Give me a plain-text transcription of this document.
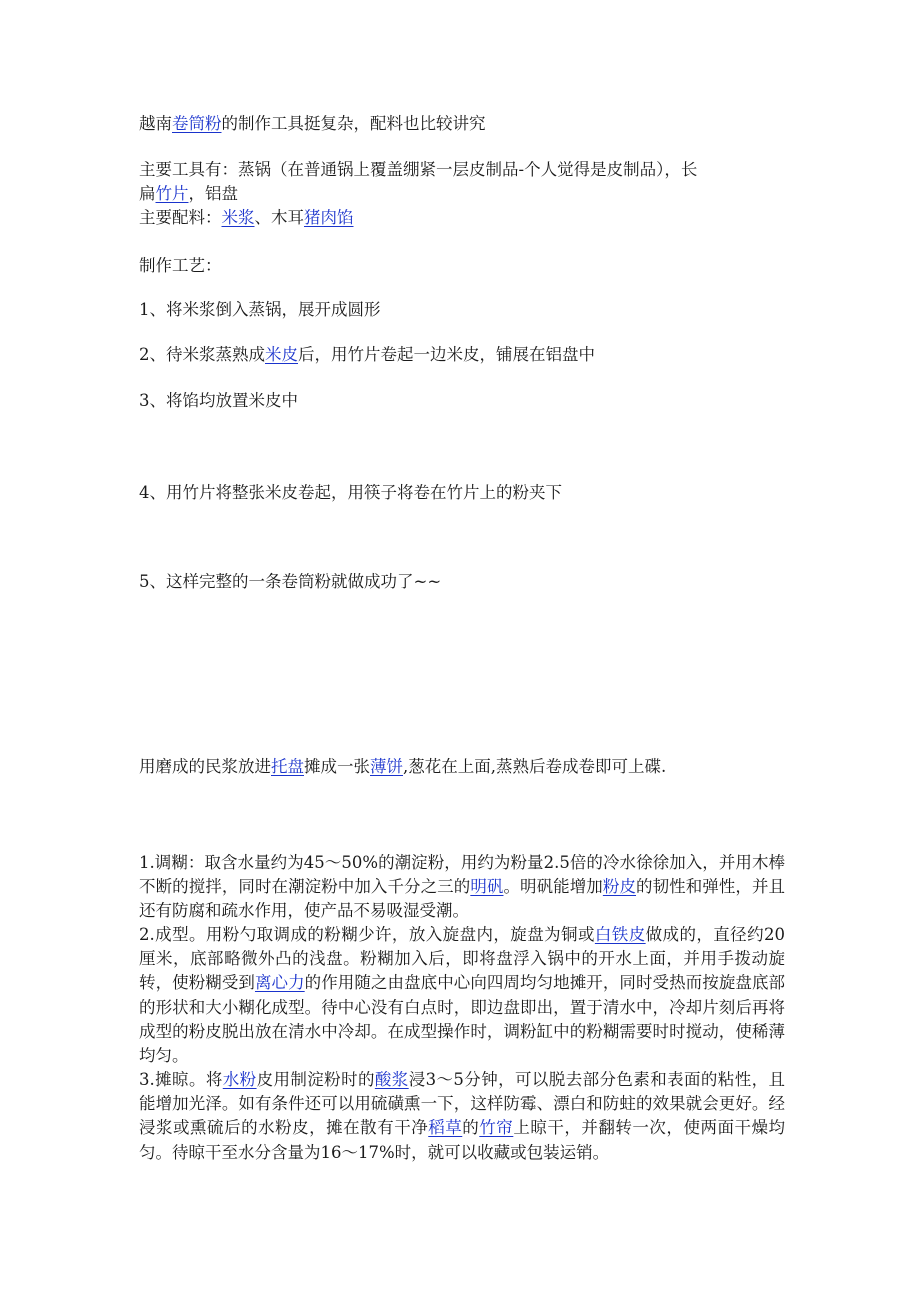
越南卷筒粉的制作工具挺复杂，配料也比较讲究
主要工具有：蒸锅（在普通锅上覆盖绷紧一层皮制品-个人觉得是皮制品），长
扁竹片，铝盘
主要配料：米浆、木耳猪肉馅
制作工艺：
1、将米浆倒入蒸锅，展开成圆形
2、待米浆蒸熟成米皮后，用竹片卷起一边米皮，铺展在铝盘中
3、将馅均放置米皮中
4、用竹片将整张米皮卷起，用筷子将卷在竹片上的粉夹下
5、这样完整的一条卷筒粉就做成功了~~
用磨成的民浆放进托盘摊成一张薄饼,葱花在上面,蒸熟后卷成卷即可上碟.
1.调糊：取含水量约为45～50%的潮淀粉，用约为粉量2.5倍的冷水徐徐加入，并用木棒不断的搅拌，同时在潮淀粉中加入千分之三的明矾。明矾能增加粉皮的韧性和弹性，并且还有防腐和疏水作用，使产品不易吸湿受潮。
2.成型。用粉勺取调成的粉糊少许，放入旋盘内，旋盘为铜或白铁皮做成的，直径约20厘米，底部略微外凸的浅盘。粉糊加入后，即将盘浮入锅中的开水上面，并用手拨动旋转，使粉糊受到离心力的作用随之由盘底中心向四周均匀地摊开，同时受热而按旋盘底部的形状和大小糊化成型。待中心没有白点时，即边盘即出，置于清水中，冷却片刻后再将成型的粉皮脱出放在清水中冷却。在成型操作时，调粉缸中的粉糊需要时时搅动，使稀薄均匀。
3.摊晾。将水粉皮用制淀粉时的酸浆浸3～5分钟，可以脱去部分色素和表面的粘性，且能增加光泽。如有条件还可以用硫磺熏一下，这样防霉、漂白和防蛀的效果就会更好。经浸浆或熏硫后的水粉皮，摊在散有干净稻草的竹帘上晾干，并翻转一次，使两面干燥均匀。待晾干至水分含量为16～17%时，就可以收藏或包装运销。
